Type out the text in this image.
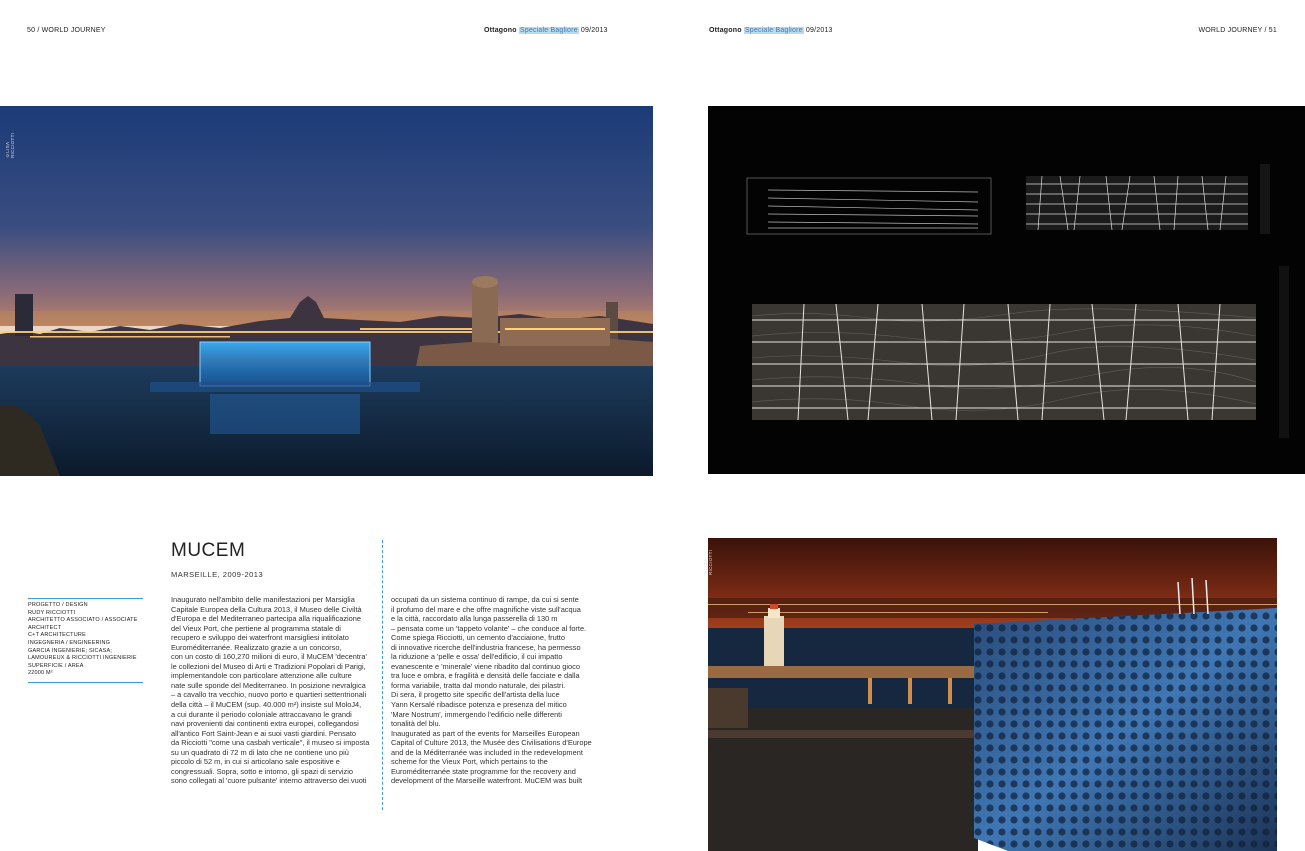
50 / WORLD JOURNEY	Ottagono Speciale Bagliore 09/2013	Ottagono Speciale Bagliore 09/2013	WORLD JOURNEY / 51
©LISA RICCIOTTI
MUCEM
MARSEILLE, 2009-2013
PROGETTO / DESIGN
RUDY RICCIOTTI
ARCHITETTO ASSOCIATO / ASSOCIATE
ARCHITECT
C+T ARCHITECTURE
INGEGNERIA / ENGINEERING
GARCIA INGENIERIE; SICASA;
LAMOUREUX & RICCIOTTI INGENIERIE
SUPERFICIE / AREA
22000 M²
Inaugurato nell'ambito delle manifestazioni per Marsiglia
Capitale Europea della Cultura 2013, il Museo delle Civiltà
d'Europa e del Mediterraneo partecipa alla riqualificazione
del Vieux Port, che pertiene al programma statale di
recupero e sviluppo dei waterfront marsigliesi intitolato
Euroméditerranée. Realizzato grazie a un concorso,
con un costo di 160,270 milioni di euro, il MuCEM 'decentra'
le collezioni del Museo di Arti e Tradizioni Popolari di Parigi,
implementandole con particolare attenzione alle culture
nate sulle sponde del Mediterraneo. In posizione nevralgica
– a cavallo tra vecchio, nuovo porto e quartieri settentrionali
della città – il MuCEM (sup. 40.000 m²) insiste sul MoloJ4,
a cui durante il periodo coloniale attraccavano le grandi
navi provenienti dai continenti extra europei, collegandosi
all'antico Fort Saint-Jean e ai suoi vasti giardini. Pensato
da Ricciotti "come una casbah verticale", il museo si imposta
su un quadrato di 72 m di lato che ne contiene uno più
piccolo di 52 m, in cui si articolano sale espositive e
congressuali. Sopra, sotto e intorno, gli spazi di servizio
sono collegati al 'cuore pulsante' interno attraverso dei vuoti
occupati da un sistema continuo di rampe, da cui si sente
il profumo del mare e che offre magnifiche viste sull'acqua
e la città, raccordato alla lunga passerella di 130 m
– pensata come un 'tappeto volante' – che conduce al forte.
Come spiega Ricciotti, un cemento d'acciaione, frutto
di innovative ricerche dell'industria francese, ha permesso
la riduzione a 'pelle e ossa' dell'edificio, il cui impatto
evanescente e 'minerale' viene ribadito dal continuo gioco
tra luce e ombra, e fragilità e densità delle facciate e dalla
forma variabile, tratta dal mondo naturale, dei pilastri.
Di sera, il progetto site specific dell'artista della luce
Yann Kersalé ribadisce potenza e presenza del mitico
'Mare Nostrum', immergendo l'edificio nelle differenti
tonalità del blu.
Inaugurated as part of the events for Marseilles European
Capital of Culture 2013, the Musée des Civilisations d'Europe
and de la Méditerranée was included in the redevelopment
scheme for the Vieux Port, which pertains to the
Euroméditerranée state programme for the recovery and
development of the Marseille waterfront. MuCEM was built
©LISA RICCIOTTI
